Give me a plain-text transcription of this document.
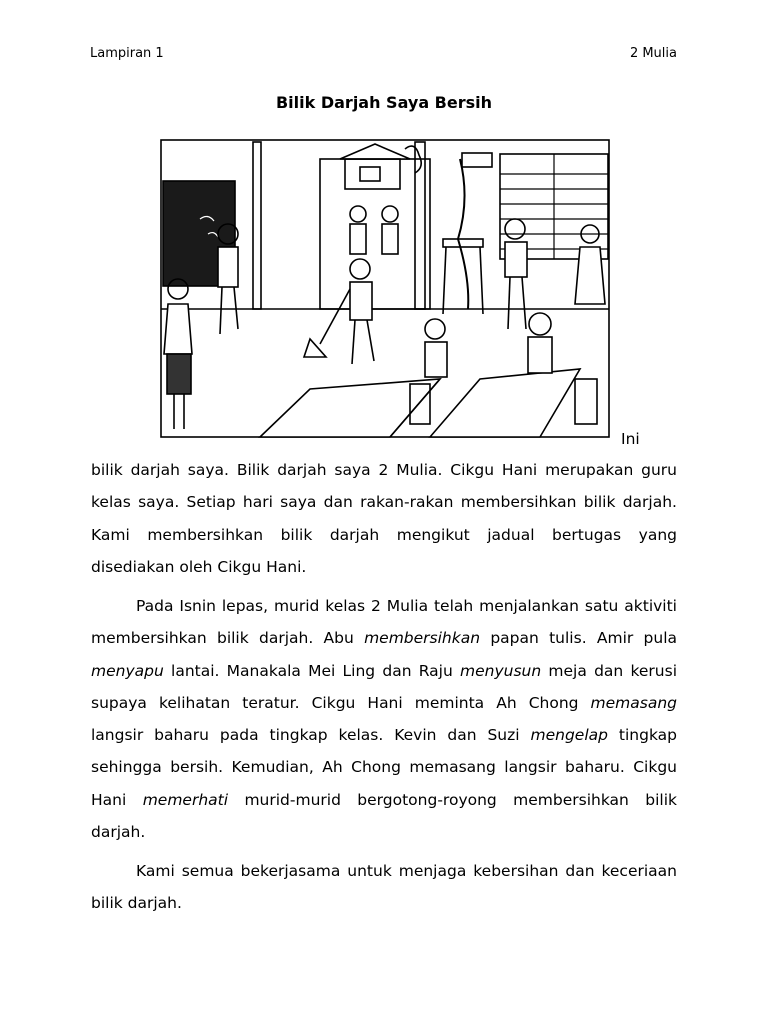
Lampiran 1	2 Mulia
Bilik Darjah Saya Bersih
Ini

bilik darjah saya. Bilik darjah saya 2 Mulia. Cikgu Hani merupakan guru kelas saya. Setiap hari saya dan rakan-rakan membersihkan bilik darjah. Kami membersihkan bilik darjah mengikut jadual bertugas yang disediakan oleh Cikgu Hani.

Pada Isnin lepas, murid kelas 2 Mulia telah menjalankan satu aktiviti membersihkan bilik darjah. Abu membersihkan papan tulis. Amir pula menyapu lantai. Manakala Mei Ling dan Raju menyusun meja dan kerusi supaya kelihatan teratur. Cikgu Hani meminta Ah Chong memasang langsir baharu pada tingkap kelas. Kevin dan Suzi mengelap tingkap sehingga bersih. Kemudian, Ah Chong memasang langsir baharu. Cikgu Hani memerhati murid-murid bergotong-royong membersihkan bilik darjah.

Kami semua bekerjasama untuk menjaga kebersihan dan keceriaan bilik darjah.
